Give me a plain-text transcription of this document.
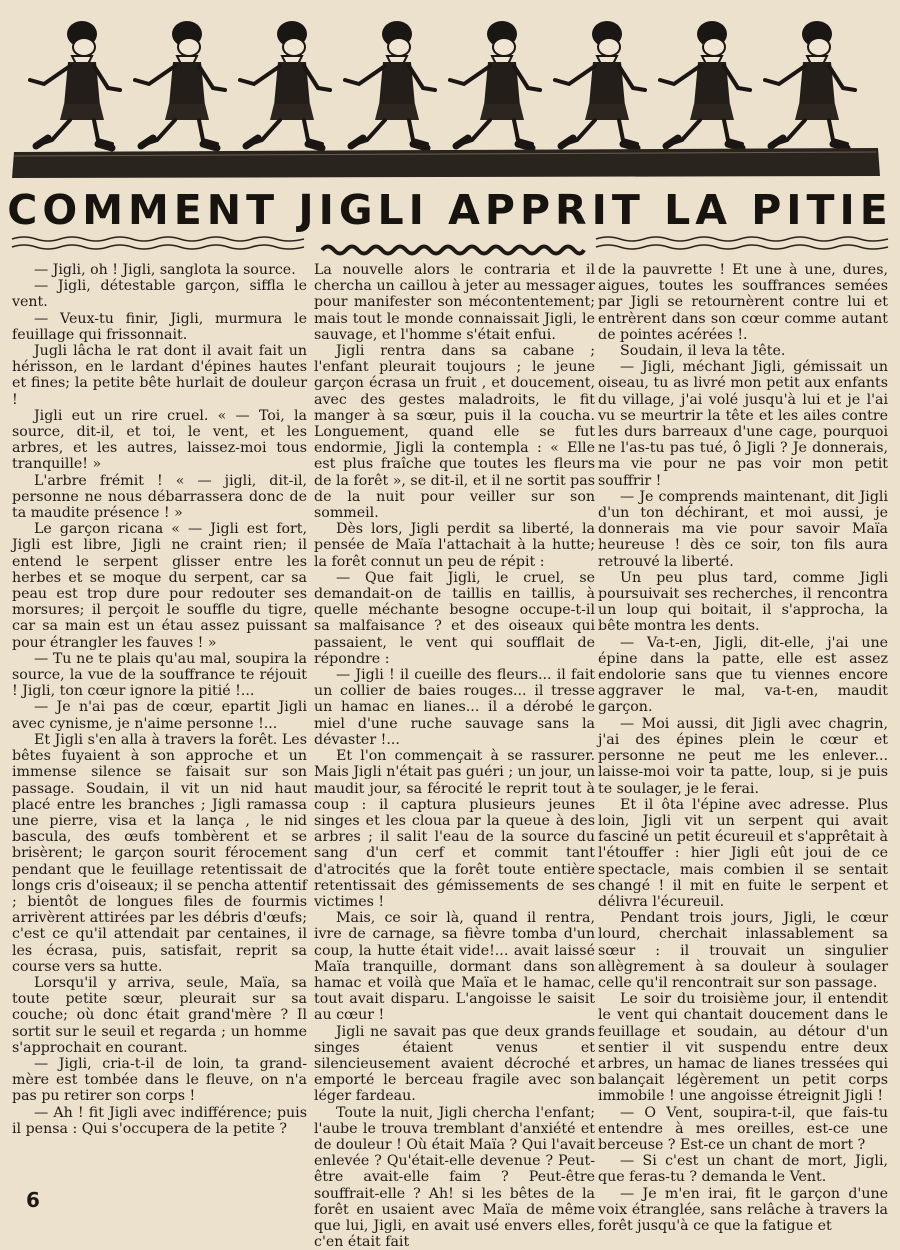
COMMENT JIGLI APPRIT LA PITIE

— Jigli, oh ! Jigli, sanglota la source.

— Jigli, détestable garçon, siffla le vent.

— Veux-tu finir, Jigli, murmura le feuillage qui frissonnait.

Jugli lâcha le rat dont il avait fait un hérisson, en le lardant d'épines hautes et fines; la petite bête hurlait de douleur !

Jigli eut un rire cruel. « — Toi, la source, dit-il, et toi, le vent, et les arbres, et les autres, laissez-moi tous tranquille! »

L'arbre frémit ! « — jigli, dit-il, personne ne nous débarrassera donc de ta maudite présence ! »

Le garçon ricana « — Jigli est fort, Jigli est libre, Jigli ne craint rien; il entend le serpent glisser entre les herbes et se moque du serpent, car sa peau est trop dure pour redouter ses morsures; il perçoit le souffle du tigre, car sa main est un étau assez puissant pour étrangler les fauves ! »

— Tu ne te plais qu'au mal, soupira la source, la vue de la souffrance te réjouit ! Jigli, ton cœur ignore la pitié !...

— Je n'ai pas de cœur, epartit Jigli avec cynisme, je n'aime personne !...

Et Jigli s'en alla à travers la forêt. Les bêtes fuyaient à son approche et un immense silence se faisait sur son passage. Soudain, il vit un nid haut placé entre les branches ; Jigli ramassa une pierre, visa et la lança , le nid bascula, des œufs tombèrent et se brisèrent; le garçon sourit férocement pendant que le feuillage retentissait de longs cris d'oiseaux; il se pencha attentif ; bientôt de longues files de fourmis arrivèrent attirées par les débris d'œufs; c'est ce qu'il attendait par centaines, il les écrasa, puis, satisfait, reprit sa course vers sa hutte.

Lorsqu'il y arriva, seule, Maïa, sa toute petite sœur, pleurait sur sa couche; où donc était grand'mère ? Il sortit sur le seuil et regarda ; un homme s'approchait en courant.

— Jigli, cria-t-il de loin, ta grand-mère est tombée dans le fleuve, on n'a pas pu retirer son corps !

— Ah ! fit Jigli avec indifférence; puis il pensa : Qui s'occupera de la petite ?

La nouvelle alors le contraria et il chercha un caillou à jeter au messager pour manifester son mécontentement; mais tout le monde connaissait Jigli, le sauvage, et l'homme s'était enfui.

Jigli rentra dans sa cabane ; l'enfant pleurait toujours ; le jeune garçon écrasa un fruit , et doucement, avec des gestes maladroits, le fit manger à sa sœur, puis il la coucha. Longuement, quand elle se fut endormie, Jigli la contempla : « Elle est plus fraîche que toutes les fleurs de la forêt », se dit-il, et il ne sortit pas de la nuit pour veiller sur son sommeil.

Dès lors, Jigli perdit sa liberté, la pensée de Maïa l'attachait à la hutte; la forêt connut un peu de répit :

— Que fait Jigli, le cruel, se demandait-on de taillis en taillis, à quelle méchante besogne occupe-t-il sa malfaisance ? et des oiseaux qui passaient, le vent qui soufflait de répondre :

— Jigli ! il cueille des fleurs... il fait un collier de baies rouges... il tresse un hamac en lianes... il a dérobé le miel d'une ruche sauvage sans la dévaster !...

Et l'on commençait à se rassurer. Mais Jigli n'était pas guéri ; un jour, un maudit jour, sa férocité le reprit tout à coup : il captura plusieurs jeunes singes et les cloua par la queue à des arbres ; il salit l'eau de la source du sang d'un cerf et commit tant d'atrocités que la forêt toute entière retentissait des gémissements de ses victimes !

Mais, ce soir là, quand il rentra, ivre de carnage, sa fièvre tomba d'un coup, la hutte était vide!... avait laissé Maïa tranquille, dormant dans son hamac et voilà que Maïa et le hamac, tout avait disparu. L'angoisse le saisit au cœur !

Jigli ne savait pas que deux grands singes étaient venus et silencieusement avaient décroché et emporté le berceau fragile avec son léger fardeau.

Toute la nuit, Jigli chercha l'enfant; l'aube le trouva tremblant d'anxiété et de douleur ! Où était Maïa ? Qui l'avait enlevée ? Qu'était-elle devenue ? Peut-être avait-elle faim ? Peut-être souffrait-elle ? Ah! si les bêtes de la forêt en usaient avec Maïa de même que lui, Jigli, en avait usé envers elles, c'en était fait

de la pauvrette ! Et une à une, dures, aigues, toutes les souffrances semées par Jigli se retournèrent contre lui et entrèrent dans son cœur comme autant de pointes acérées !.

Soudain, il leva la tête.

— Jigli, méchant Jigli, gémissait un oiseau, tu as livré mon petit aux enfants du village, j'ai volé jusqu'à lui et je l'ai vu se meurtrir la tête et les ailes contre les durs barreaux d'une cage, pourquoi ne l'as-tu pas tué, ô Jigli ? Je donnerais, ma vie pour ne pas voir mon petit souffrir !

— Je comprends maintenant, dit Jigli d'un ton déchirant, et moi aussi, je donnerais ma vie pour savoir Maïa heureuse ! dès ce soir, ton fils aura retrouvé la liberté.

Un peu plus tard, comme Jigli poursuivait ses recherches, il rencontra un loup qui boitait, il s'approcha, la bête montra les dents.

— Va-t-en, Jigli, dit-elle, j'ai une épine dans la patte, elle est assez endolorie sans que tu viennes encore aggraver le mal, va-t-en, maudit garçon.

— Moi aussi, dit Jigli avec chagrin, j'ai des épines plein le cœur et personne ne peut me les enlever... laisse-moi voir ta patte, loup, si je puis te soulager, je le ferai.

Et il ôta l'épine avec adresse. Plus loin, Jigli vit un serpent qui avait fasciné un petit écureuil et s'apprêtait à l'étouffer : hier Jigli eût joui de ce spectacle, mais combien il se sentait changé ! il mit en fuite le serpent et délivra l'écureuil.

Pendant trois jours, Jigli, le cœur lourd, cherchait inlassablement sa sœur : il trouvait un singulier allègrement à sa douleur à soulager celle qu'il rencontrait sur son passage.

Le soir du troisième jour, il entendit le vent qui chantait doucement dans le feuillage et soudain, au détour d'un sentier il vit suspendu entre deux arbres, un hamac de lianes tressées qui balançait légèrement un petit corps immobile ! une angoisse étreignit Jigli !

— O Vent, soupira-t-il, que fais-tu entendre à mes oreilles, est-ce une berceuse ? Est-ce un chant de mort ?

— Si c'est un chant de mort, Jigli, que feras-tu ? demanda le Vent.

— Je m'en irai, fit le garçon d'une voix étranglée, sans relâche à travers la forêt jusqu'à ce que la fatigue et

6
